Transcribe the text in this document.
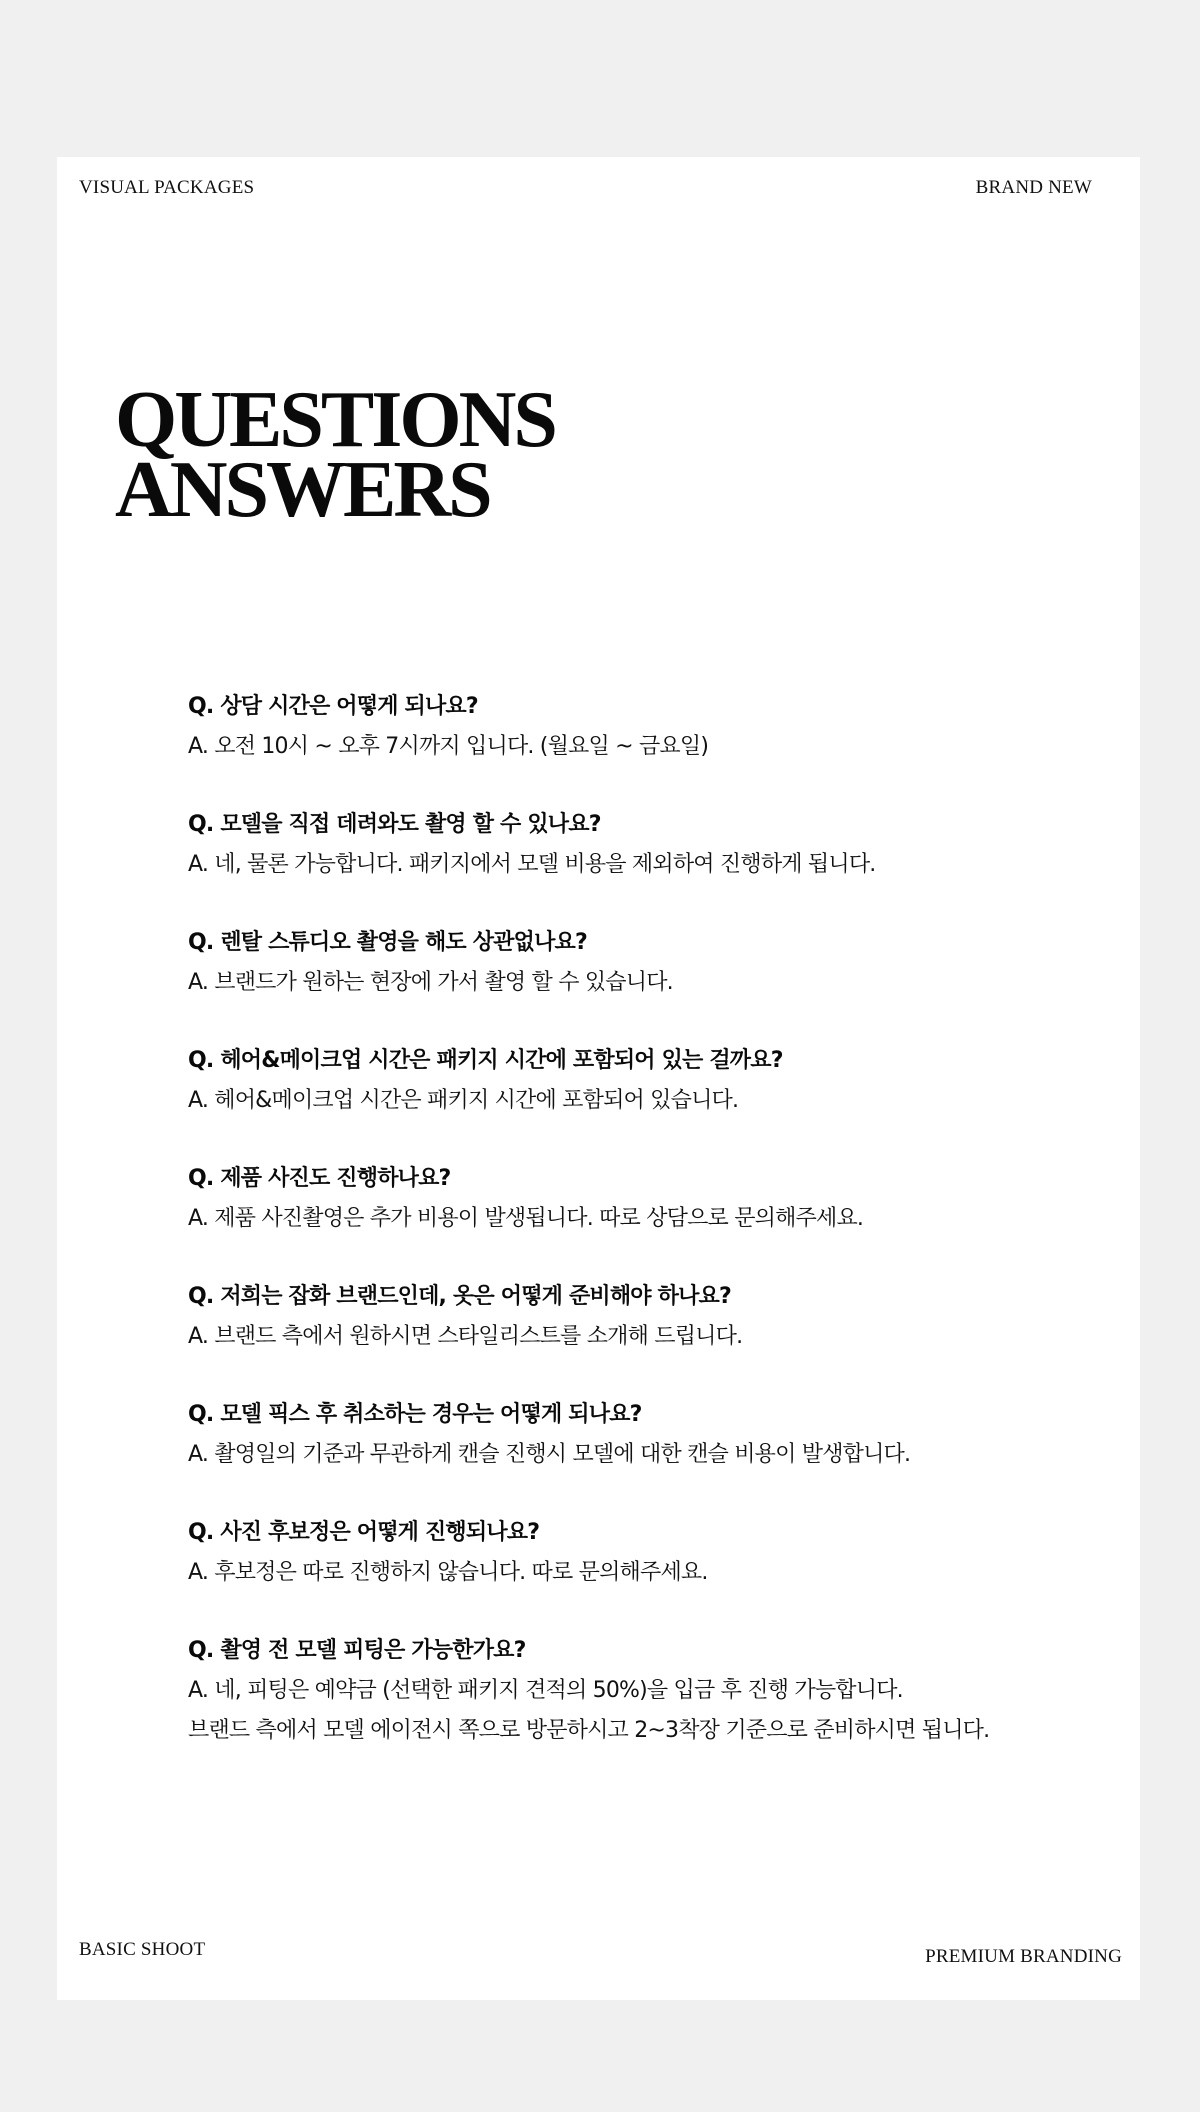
VISUAL PACKAGES	BRAND NEW
QUESTIONS
ANSWERS
Q. 상담 시간은 어떻게 되나요?
A. 오전 10시 ~ 오후 7시까지 입니다. (월요일 ~ 금요일)
Q. 모델을 직접 데려와도 촬영 할 수 있나요?
A. 네, 물론 가능합니다. 패키지에서 모델 비용을 제외하여 진행하게 됩니다.
Q. 렌탈 스튜디오 촬영을 해도 상관없나요?
A. 브랜드가 원하는 현장에 가서 촬영 할 수 있습니다.
Q. 헤어&메이크업 시간은 패키지 시간에 포함되어 있는 걸까요?
A. 헤어&메이크업 시간은 패키지 시간에 포함되어 있습니다.
Q. 제품 사진도 진행하나요?
A. 제품 사진촬영은 추가 비용이 발생됩니다. 따로 상담으로 문의해주세요.
Q. 저희는 잡화 브랜드인데, 옷은 어떻게 준비해야 하나요?
A. 브랜드 측에서 원하시면 스타일리스트를 소개해 드립니다.
Q. 모델 픽스 후 취소하는 경우는 어떻게 되나요?
A. 촬영일의 기준과 무관하게 캔슬 진행시 모델에 대한 캔슬 비용이 발생합니다.
Q. 사진 후보정은 어떻게 진행되나요?
A. 후보정은 따로 진행하지 않습니다. 따로 문의해주세요.
Q. 촬영 전 모델 피팅은 가능한가요?
A. 네, 피팅은 예약금 (선택한 패키지 견적의 50%)을 입금 후 진행 가능합니다.
브랜드 측에서 모델 에이전시 쪽으로 방문하시고 2~3착장 기준으로 준비하시면 됩니다.
BASIC SHOOT	PREMIUM BRANDING
